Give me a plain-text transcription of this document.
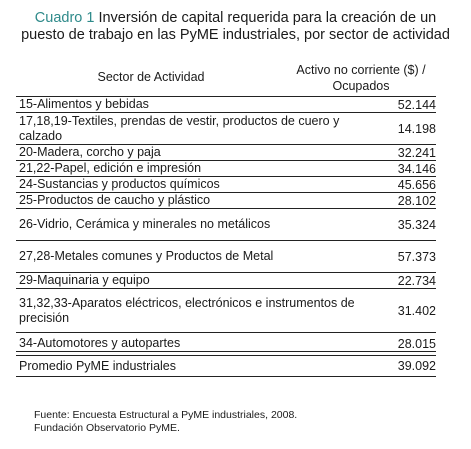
Cuadro 1 Inversión de capital requerida para la creación de un
puesto de trabajo en las PyME industriales, por sector de actividad
Sector de Actividad	Activo no corriente ($) /
Ocupados
15-Alimentos y bebidas	52.144
17,18,19-Textiles, prendas de vestir, productos de cuero y calzado	14.198
20-Madera, corcho y paja	32.241
21,22-Papel, edición e impresión	34.146
24-Sustancias y productos químicos	45.656
25-Productos de caucho y plástico	28.102
26-Vidrio, Cerámica y minerales no metálicos	35.324
27,28-Metales comunes y Productos de Metal	57.373
29-Maquinaria y equipo	22.734
31,32,33-Aparatos eléctricos, electrónicos e instrumentos de precisión	31.402
34-Automotores y autopartes	28.015
Promedio PyME industriales	39.092
Fuente: Encuesta Estructural a PyME industriales, 2008.
Fundación Observatorio PyME.
